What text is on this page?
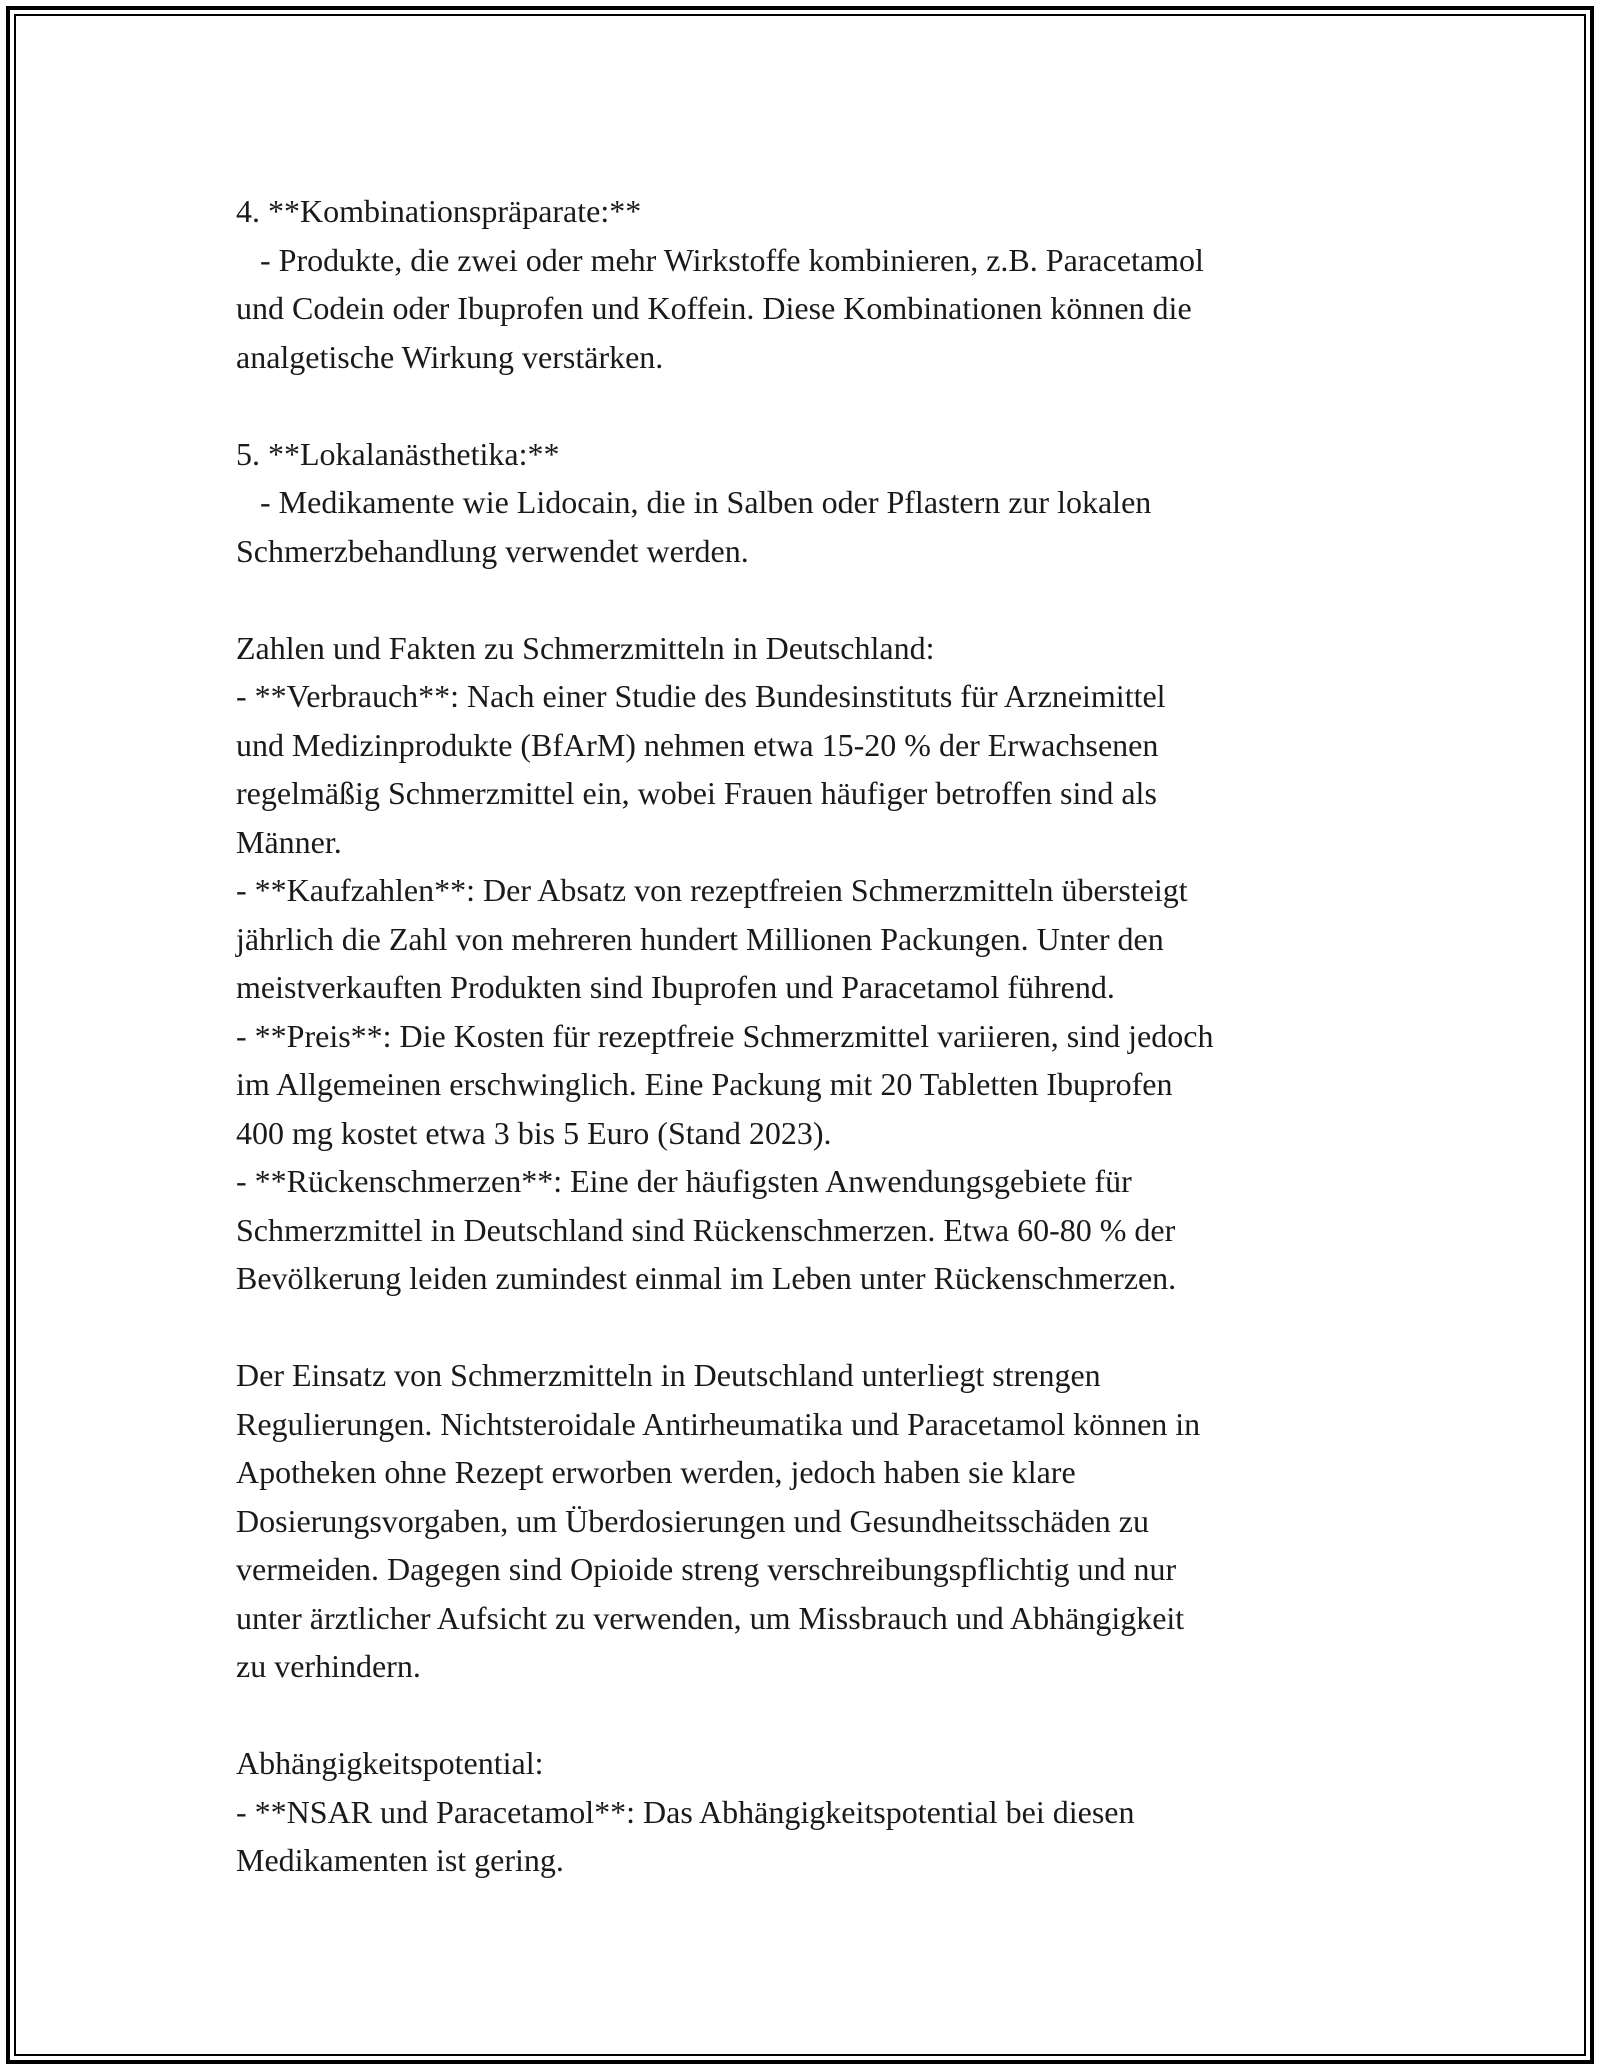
4. **Kombinationspräparate:**
- Produkte, die zwei oder mehr Wirkstoffe kombinieren, z.B. Paracetamol
und Codein oder Ibuprofen und Koffein. Diese Kombinationen können die
analgetische Wirkung verstärken.
5. **Lokalanästhetika:**
- Medikamente wie Lidocain, die in Salben oder Pflastern zur lokalen
Schmerzbehandlung verwendet werden.
Zahlen und Fakten zu Schmerzmitteln in Deutschland:
- **Verbrauch**: Nach einer Studie des Bundesinstituts für Arzneimittel
und Medizinprodukte (BfArM) nehmen etwa 15-20 % der Erwachsenen
regelmäßig Schmerzmittel ein, wobei Frauen häufiger betroffen sind als
Männer.
- **Kaufzahlen**: Der Absatz von rezeptfreien Schmerzmitteln übersteigt
jährlich die Zahl von mehreren hundert Millionen Packungen. Unter den
meistverkauften Produkten sind Ibuprofen und Paracetamol führend.
- **Preis**: Die Kosten für rezeptfreie Schmerzmittel variieren, sind jedoch
im Allgemeinen erschwinglich. Eine Packung mit 20 Tabletten Ibuprofen
400 mg kostet etwa 3 bis 5 Euro (Stand 2023).
- **Rückenschmerzen**: Eine der häufigsten Anwendungsgebiete für
Schmerzmittel in Deutschland sind Rückenschmerzen. Etwa 60-80 % der
Bevölkerung leiden zumindest einmal im Leben unter Rückenschmerzen.
Der Einsatz von Schmerzmitteln in Deutschland unterliegt strengen
Regulierungen. Nichtsteroidale Antirheumatika und Paracetamol können in
Apotheken ohne Rezept erworben werden, jedoch haben sie klare
Dosierungsvorgaben, um Überdosierungen und Gesundheitsschäden zu
vermeiden. Dagegen sind Opioide streng verschreibungspflichtig und nur
unter ärztlicher Aufsicht zu verwenden, um Missbrauch und Abhängigkeit
zu verhindern.
Abhängigkeitspotential:
- **NSAR und Paracetamol**: Das Abhängigkeitspotential bei diesen
Medikamenten ist gering.
